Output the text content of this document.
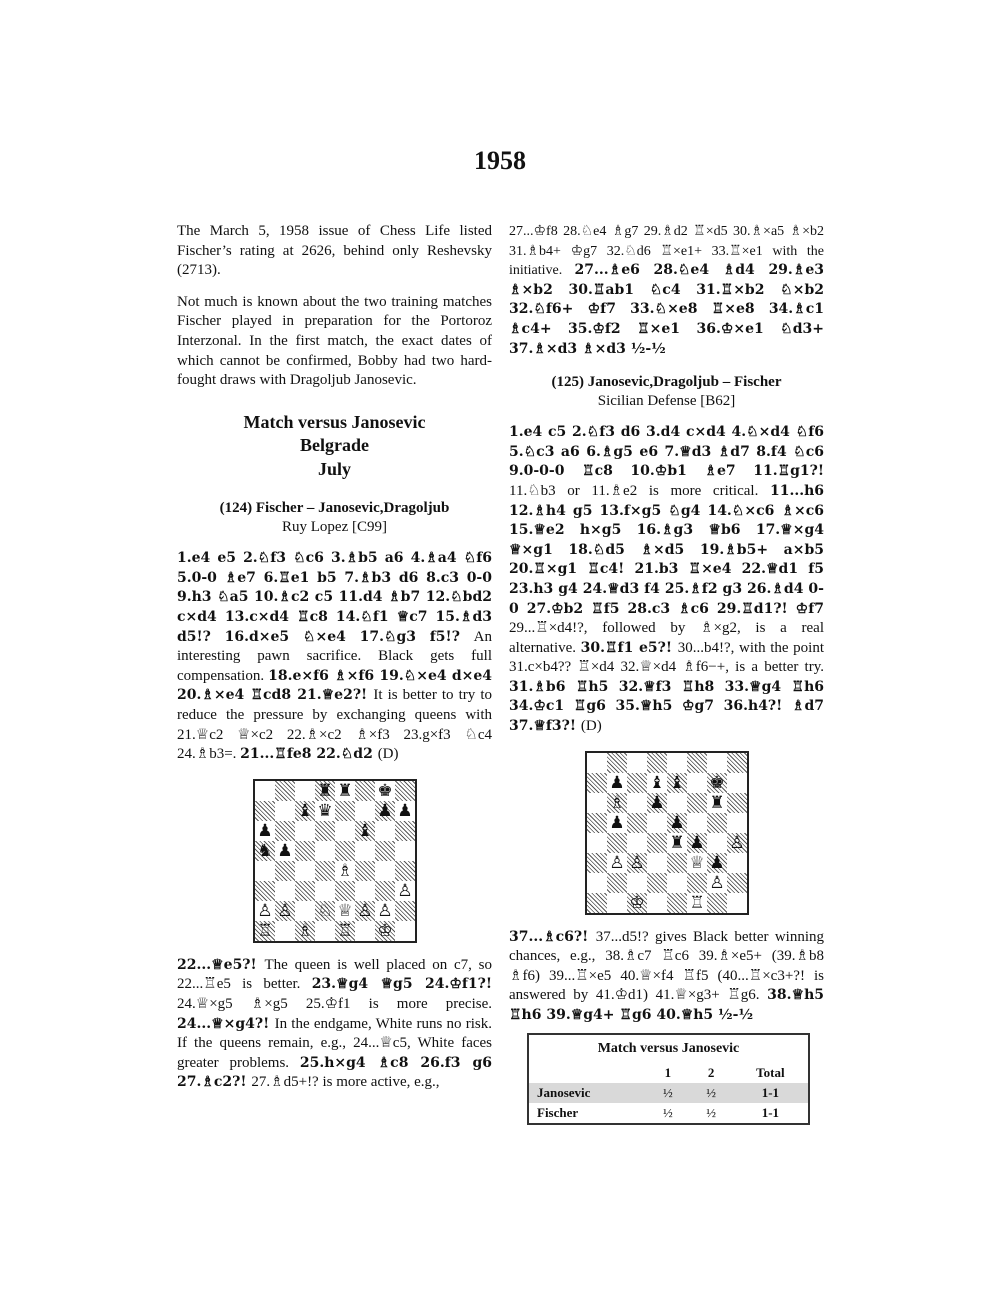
1958

The March 5, 1958 issue of Chess Life listed Fischer’s rating at 2626, behind only Reshevsky (2713).

Not much is known about the two training matches Fischer played in preparation for the Portoroz Interzonal. In the first match, the exact dates of which cannot be confirmed, Bobby had two hard-fought draws with Dragoljub Janosevic.

Match versus Janosevic
Belgrade
July
(124) Fischer – Janosevic,Dragoljub
Ruy Lopez [C99]

1.e4 e5 2.♘f3 ♘c6 3.♗b5 a6 4.♗a4 ♘f6 5.0-0 ♗e7 6.♖e1 b5 7.♗b3 d6 8.c3 0-0 9.h3 ♘a5 10.♗c2 c5 11.d4 ♗b7 12.♘bd2 c×d4 13.c×d4 ♖c8 14.♘f1 ♕c7 15.♗d3 d5!? 16.d×e5 ♘×e4 17.♘g3 f5!? An interesting pawn sacrifice. Black gets full compensation. 18.e×f6 ♗×f6 19.♘×e4 d×e4 20.♗×e4 ♖cd8 21.♕e2?! It is better to try to reduce the pressure by exchanging queens with 21.♕c2 ♕×c2 22.♗×c2 ♗×f3 23.g×f3 ♘c4 24.♗b3=. 21...♖fe8 22.♘d2 (D)

♜ ♜ ♚
♝ ♛	♟ ♟
♟	♝
♞ ♟
♗
♙
♙ ♙ ♘ ♕ ♙ ♙
♖ ♗ ♖ ♔

22...♕e5?! The queen is well placed on c7, so 22...♖e5 is better. 23.♕g4 ♕g5 24.♔f1?! 24.♕×g5 ♗×g5 25.♔f1 is more precise. 24...♕×g4?! In the endgame, White runs no risk. If the queens remain, e.g., 24...♕c5, White faces greater problems. 25.h×g4 ♗c8 26.f3 g6 27.♗c2?! 27.♗d5+!? is more active, e.g.,

27...♔f8 28.♘e4 ♗g7 29.♗d2 ♖×d5 30.♗×a5 ♗×b2 31.♗b4+ ♔g7 32.♘d6 ♖×e1+ 33.♖×e1 with the initiative. 27...♗e6 28.♘e4 ♗d4 29.♗e3 ♗×b2 30.♖ab1 ♘c4 31.♖×b2 ♘×b2 32.♘f6+ ♔f7 33.♘×e8 ♖×e8 34.♗c1 ♗c4+ 35.♔f2 ♖×e1 36.♔×e1 ♘d3+ 37.♗×d3 ♗×d3 ½-½

(125) Janosevic,Dragoljub – Fischer
Sicilian Defense [B62]

1.e4 c5 2.♘f3 d6 3.d4 c×d4 4.♘×d4 ♘f6 5.♘c3 a6 6.♗g5 e6 7.♕d3 ♗d7 8.f4 ♘c6 9.0-0-0 ♖c8 10.♔b1 ♗e7 11.♖g1?! 11.♘b3 or 11.♗e2 is more critical. 11...h6 12.♗h4 g5 13.f×g5 ♘g4 14.♘×c6 ♗×c6 15.♕e2 h×g5 16.♗g3 ♕b6 17.♕×g4 ♕×g1 18.♘d5 ♗×d5 19.♗b5+ a×b5 20.♖×g1 ♖c4! 21.b3 ♖×e4 22.♕d1 f5 23.h3 g4 24.♕d3 f4 25.♗f2 g3 26.♗d4 0-0 27.♔b2 ♖f5 28.c3 ♗c6 29.♖d1?! ♔f7 29...♖×d4!?, followed by ♗×g2, is a real alternative. 30.♖f1 e5?! 30...b4!?, with the point 31.c×b4?? ♖×d4 32.♕×d4 ♗f6−+, is a better try. 31.♗b6 ♖h5 32.♕f3 ♖h8 33.♕g4 ♖h6 34.♔c1 ♖g6 35.♕h5 ♔g7 36.h4?! ♗d7 37.♕f3?! (D)

♟ ♝ ♝ ♚
♗ ♟	♜
♟	♟
♜ ♟ ♙
♙ ♙	♕ ♟
♙
♔	♖

37...♗c6?! 37...d5!? gives Black better winning chances, e.g., 38.♗c7 ♖c6 39.♗×e5+ (39.♗b8 ♗f6) 39...♖×e5 40.♕×f4 ♖f5 (40...♖×c3+?! is answered by 41.♔d1) 41.♕×g3+ ♖g6. 38.♕h5 ♖h6 39.♕g4+ ♖g6 40.♕h5 ½-½

Match versus Janosevic			
	1	2	Total
Janosevic	½	½	1-1
Fischer	½	½	1-1
